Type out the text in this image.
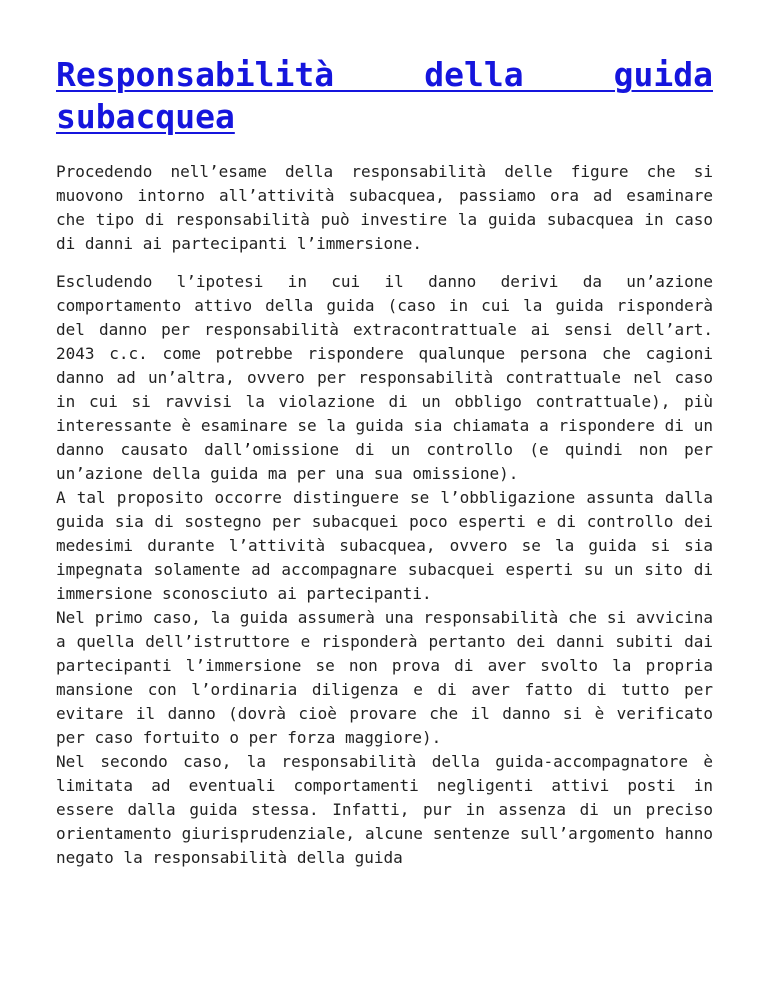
Responsabilità della guida
subacquea

Procedendo nell’esame della responsabilità delle figure che si muovono intorno all’attività subacquea, passiamo ora ad esaminare che tipo di responsabilità può investire la guida subacquea in caso di danni ai partecipanti l’immersione.

Escludendo l’ipotesi in cui il danno derivi da un’azione comportamento attivo della guida (caso in cui la guida risponderà del danno per responsabilità extracontrattuale ai sensi dell’art. 2043 c.c. come potrebbe rispondere qualunque persona che cagioni danno ad un’altra, ovvero per responsabilità contrattuale nel caso in cui si ravvisi la violazione di un obbligo contrattuale), più interessante è esaminare se la guida sia chiamata a rispondere di un danno causato dall’omissione di un controllo (e quindi non per un’azione della guida ma per una sua omissione).
A tal proposito occorre distinguere se l’obbligazione assunta dalla guida sia di sostegno per subacquei poco esperti e di controllo dei medesimi durante l’attività subacquea, ovvero se la guida si sia impegnata solamente ad accompagnare subacquei esperti su un sito di immersione sconosciuto ai partecipanti.
Nel primo caso, la guida assumerà una responsabilità che si avvicina a quella dell’istruttore e risponderà pertanto dei danni subiti dai partecipanti l’immersione se non prova di aver svolto la propria mansione con l’ordinaria diligenza e di aver fatto di tutto per evitare il danno (dovrà cioè provare che il danno si è verificato per caso fortuito o per forza maggiore).
Nel secondo caso, la responsabilità della guida-accompagnatore è limitata ad eventuali comportamenti negligenti attivi posti in essere dalla guida stessa. Infatti, pur in assenza di un preciso orientamento giurisprudenziale, alcune sentenze sull’argomento hanno negato la responsabilità della guida
